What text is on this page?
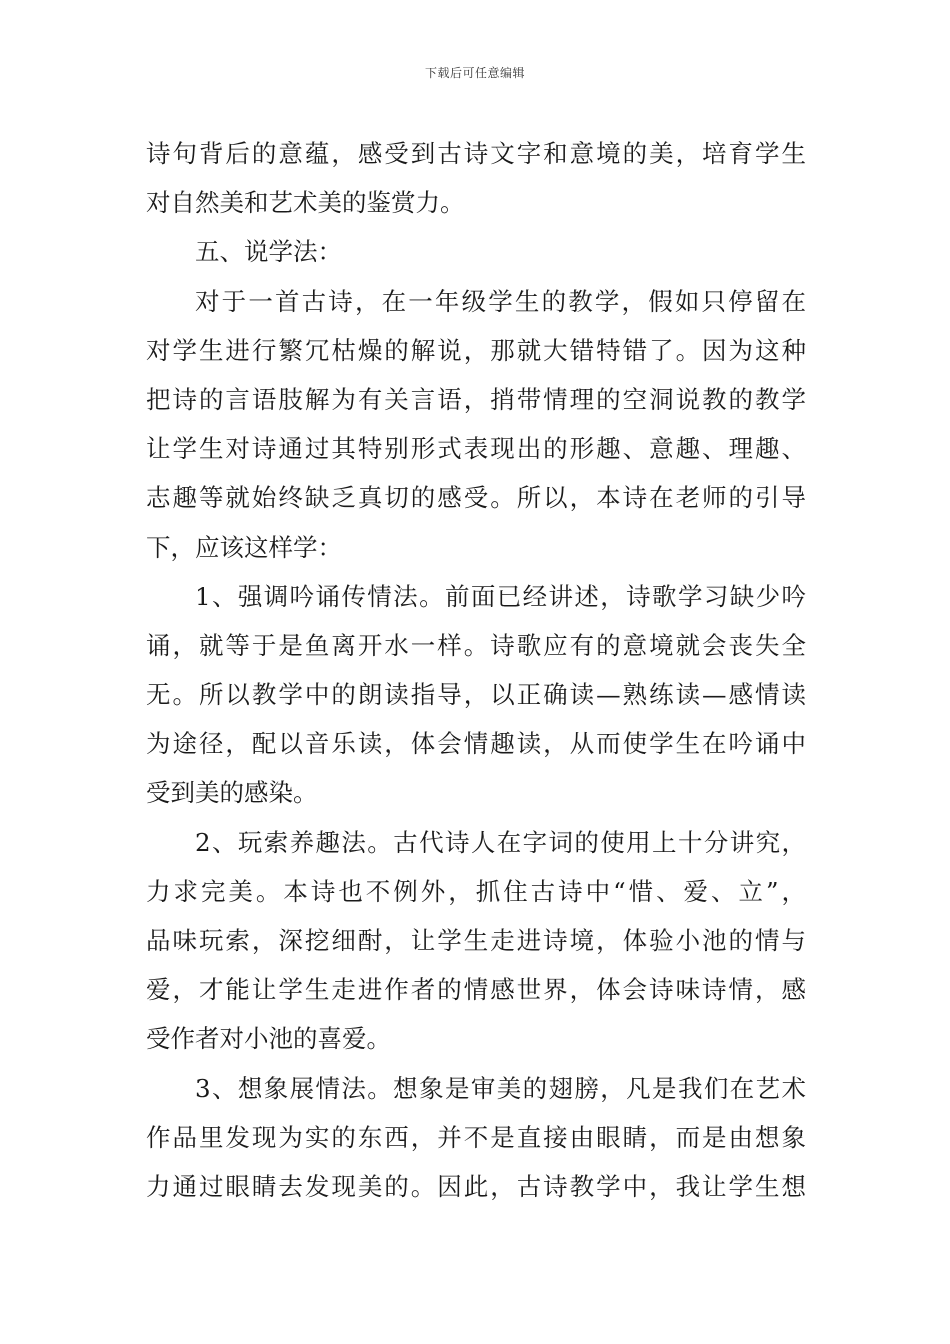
下载后可任意编辑
诗句背后的意蕴，感受到古诗文字和意境的美，培育学生
对自然美和艺术美的鉴赏力。
五、说学法：
对于一首古诗，在一年级学生的教学，假如只停留在
对学生进行繁冗枯燥的解说，那就大错特错了。因为这种
把诗的言语肢解为有关言语，捎带情理的空洞说教的教学
让学生对诗通过其特别形式表现出的形趣、意趣、理趣、
志趣等就始终缺乏真切的感受。所以，本诗在老师的引导
下，应该这样学：
1、强调吟诵传情法。前面已经讲述，诗歌学习缺少吟
诵，就等于是鱼离开水一样。诗歌应有的意境就会丧失全
无。所以教学中的朗读指导，以正确读—熟练读—感情读
为途径，配以音乐读，体会情趣读，从而使学生在吟诵中
受到美的感染。
2、玩索养趣法。古代诗人在字词的使用上十分讲究，
力求完美。本诗也不例外，抓住古诗中“惜、爱、立”，
品味玩索，深挖细酎，让学生走进诗境，体验小池的情与
爱，才能让学生走进作者的情感世界，体会诗味诗情，感
受作者对小池的喜爱。
3、想象展情法。想象是审美的翅膀，凡是我们在艺术
作品里发现为实的东西，并不是直接由眼睛，而是由想象
力通过眼睛去发现美的。因此，古诗教学中，我让学生想
